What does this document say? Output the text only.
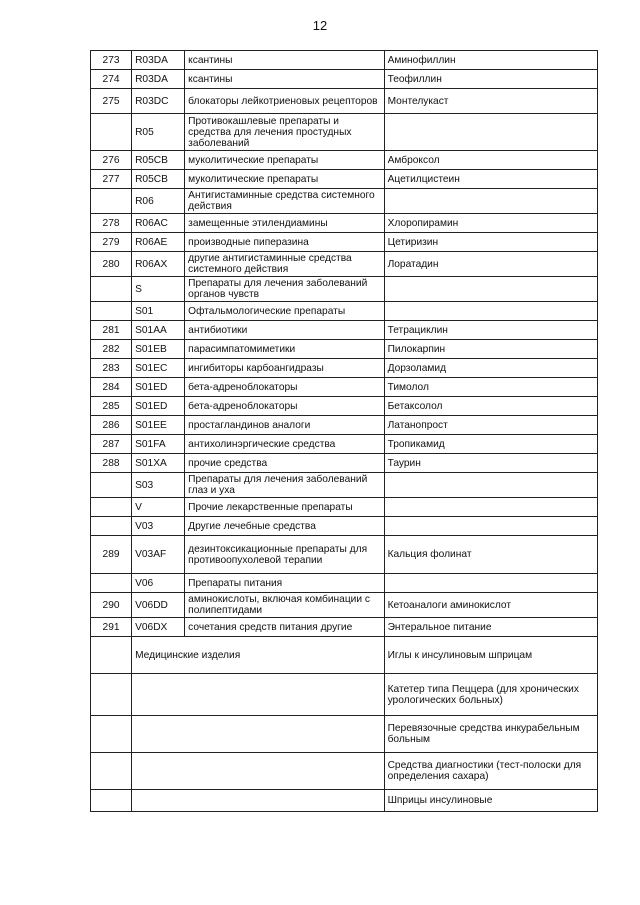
12
273	R03DA	ксантины	Аминофиллин
274	R03DA	ксантины	Теофиллин
275	R03DC	блокаторы лейкотриеновых рецепторов	Монтелукаст
	R05	Противокашлевые препараты и средства для лечения простудных заболеваний	
276	R05CB	муколитические препараты	Амброксол
277	R05CB	муколитические препараты	Ацетилцистеин
	R06	Антигистаминные средства системного действия	
278	R06AC	замещенные этилендиамины	Хлоропирамин
279	R06AE	производные пиперазина	Цетиризин
280	R06AX	другие антигистаминные средства системного действия	Лоратадин
	S	Препараты для лечения заболеваний органов чувств	
	S01	Офтальмологические препараты	
281	S01AA	антибиотики	Тетрациклин
282	S01EB	парасимпатомиметики	Пилокарпин
283	S01EC	ингибиторы карбоангидразы	Дорзоламид
284	S01ED	бета-адреноблокаторы	Тимолол
285	S01ED	бета-адреноблокаторы	Бетаксолол
286	S01EE	простагландинов аналоги	Латанопрост
287	S01FA	антихолинэргические средства	Тропикамид
288	S01XA	прочие средства	Таурин
	S03	Препараты для лечения заболеваний глаз и уха	
	V	Прочие лекарственные препараты	
	V03	Другие лечебные средства	
289	V03AF	дезинтоксикационные препараты для противоопухолевой терапии	Кальция фолинат
	V06	Препараты питания	
290	V06DD	аминокислоты, включая комбинации с полипептидами	Кетоаналоги аминокислот
291	V06DX	сочетания средств питания другие	Энтеральное питание
	Медицинские изделия		Иглы к инсулиновым шприцам
			Катетер типа Пеццера (для хронических урологических больных)
			Перевязочные средства инкурабельным больным
			Средства диагностики (тест-полоски для определения сахара)
			Шприцы инсулиновые
